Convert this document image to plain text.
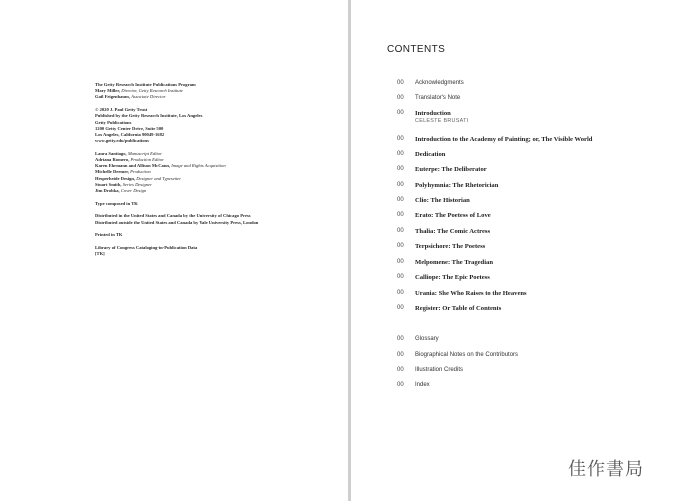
The Getty Research Institute Publications Program
Mary Miller, Director, Getty Research Institute
Gail Feigenbaum, Associate Director
© 2020 J. Paul Getty Trust
Published by the Getty Research Institute, Los Angeles
Getty Publications
1200 Getty Center Drive, Suite 500
Los Angeles, California 90049-1682
www.getty.edu/publications
Laura Santiago, Manuscript Editor
Adriana Romero, Production Editor
Karen Ehrmann and Allison McCann, Image and Rights Acquisition
Michelle Deemer, Production
Hesperheide Design, Designer and Typesetter
Stuart Smith, Series Designer
Jim Drobka, Cover Design
Type composed in TK
Distributed in the United States and Canada by the University of Chicago Press
Distributed outside the United States and Canada by Yale University Press, London
Printed in TK
Library of Congress Cataloging-in-Publication Data
[TK]
CONTENTS
00 Acknowledgments
00 Translator's Note
00 Introduction
CELESTE BRUSATI
00 Introduction to the Academy of Painting; or, The Visible World
00 Dedication
00 Euterpe: The Deliberator
00 Polyhymnia: The Rhetorician
00 Clio: The Historian
00 Erato: The Poetess of Love
00 Thalia: The Comic Actress
00 Terpsichore: The Poetess
00 Melpomene: The Tragedian
00 Calliope: The Epic Poetess
00 Urania: She Who Raises to the Heavens
00 Register: Or Table of Contents
00 Glossary
00 Biographical Notes on the Contributors
00 Illustration Credits
00 Index
佳作書局
